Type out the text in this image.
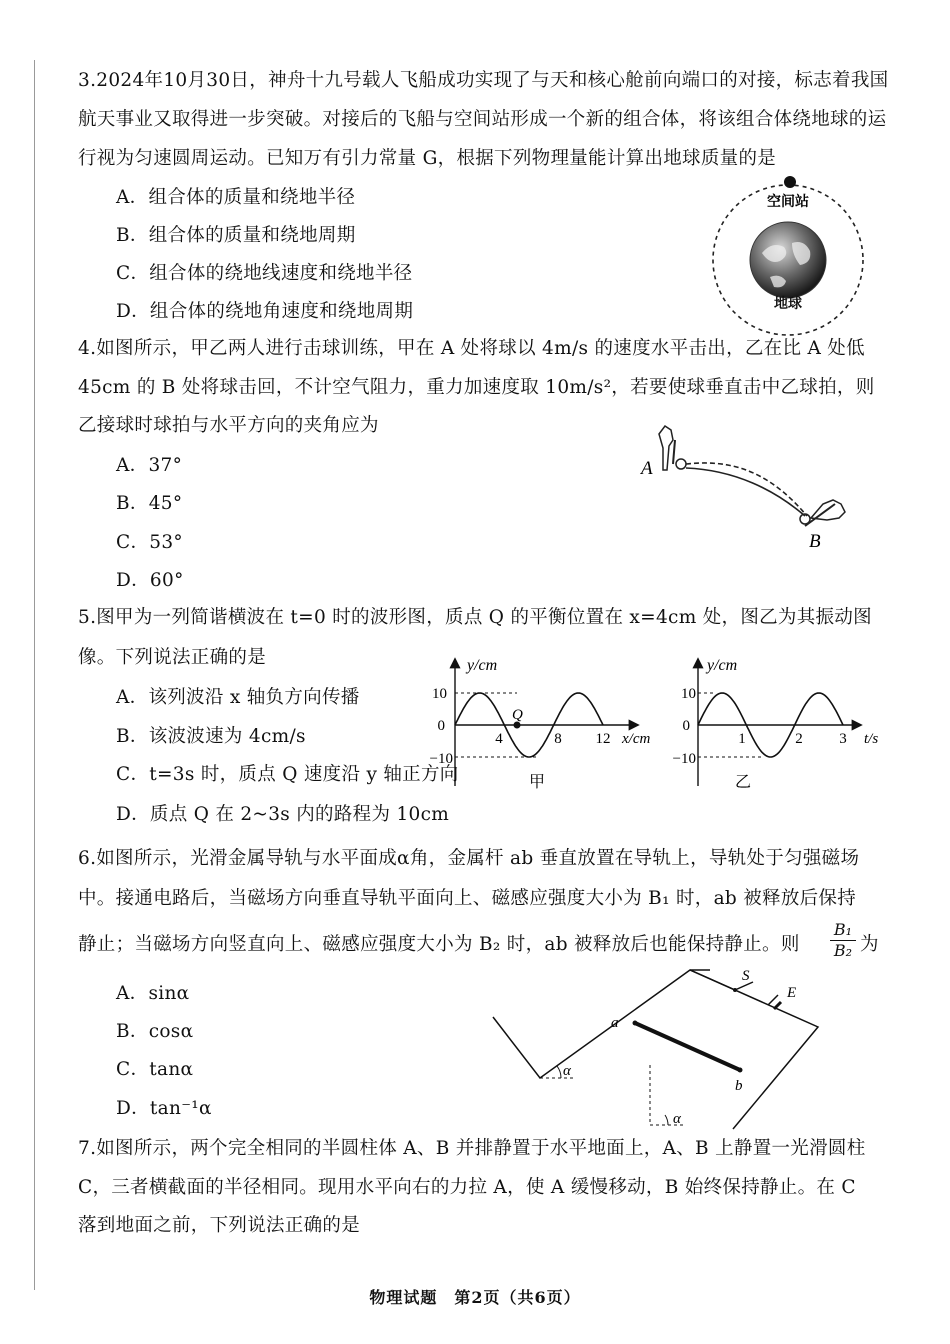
3.2024年10月30日，神舟十九号载人飞船成功实现了与天和核心舱前向端口的对接，标志着我国
航天事业又取得进一步突破。对接后的飞船与空间站形成一个新的组合体，将该组合体绕地球的运
行视为匀速圆周运动。已知万有引力常量 G，根据下列物理量能计算出地球质量的是
A．组合体的质量和绕地半径
B．组合体的质量和绕地周期
C．组合体的绕地线速度和绕地半径
D．组合体的绕地角速度和绕地周期
空间站
地球
4.如图所示，甲乙两人进行击球训练，甲在 A 处将球以 4m/s 的速度水平击出，乙在比 A 处低
45cm 的 B 处将球击回，不计空气阻力，重力加速度取 10m/s²，若要使球垂直击中乙球拍，则
乙接球时球拍与水平方向的夹角应为
A．37°
B．45°
C．53°
D．60°
A
B
5.图甲为一列简谐横波在 t=0 时的波形图，质点 Q 的平衡位置在 x=4cm 处，图乙为其振动图
像。下列说法正确的是
A．该列波沿 x 轴负方向传播
B．该波波速为 4cm/s
C．t=3s 时，质点 Q 速度沿 y 轴正方向
D．质点 Q 在 2~3s 内的路程为 10cm
y/cm
0
10
−10
Q
4	8 12 x/cm
甲
y/cm
0
10
−10
1	2 3 t/s
乙
6.如图所示，光滑金属导轨与水平面成α角，金属杆 ab 垂直放置在导轨上，导轨处于匀强磁场
中。接通电路后，当磁场方向垂直导轨平面向上、磁感应强度大小为 B₁ 时，ab 被释放后保持
静止；当磁场方向竖直向上、磁感应强度大小为 B₂ 时，ab 被释放后也能保持静止。则 $\frac{\text{B₁}}{\text{B₂}}$ 为
A．sinα
B．cosα
C．tanα
D．tan⁻¹α
α
α
a
b
S
E
7.如图所示，两个完全相同的半圆柱体 A、B 并排静置于水平地面上，A、B 上静置一光滑圆柱
C，三者横截面的半径相同。现用水平向右的力拉 A，使 A 缓慢移动，B 始终保持静止。在 C
落到地面之前，下列说法正确的是
物理试题　第2页（共6页）
